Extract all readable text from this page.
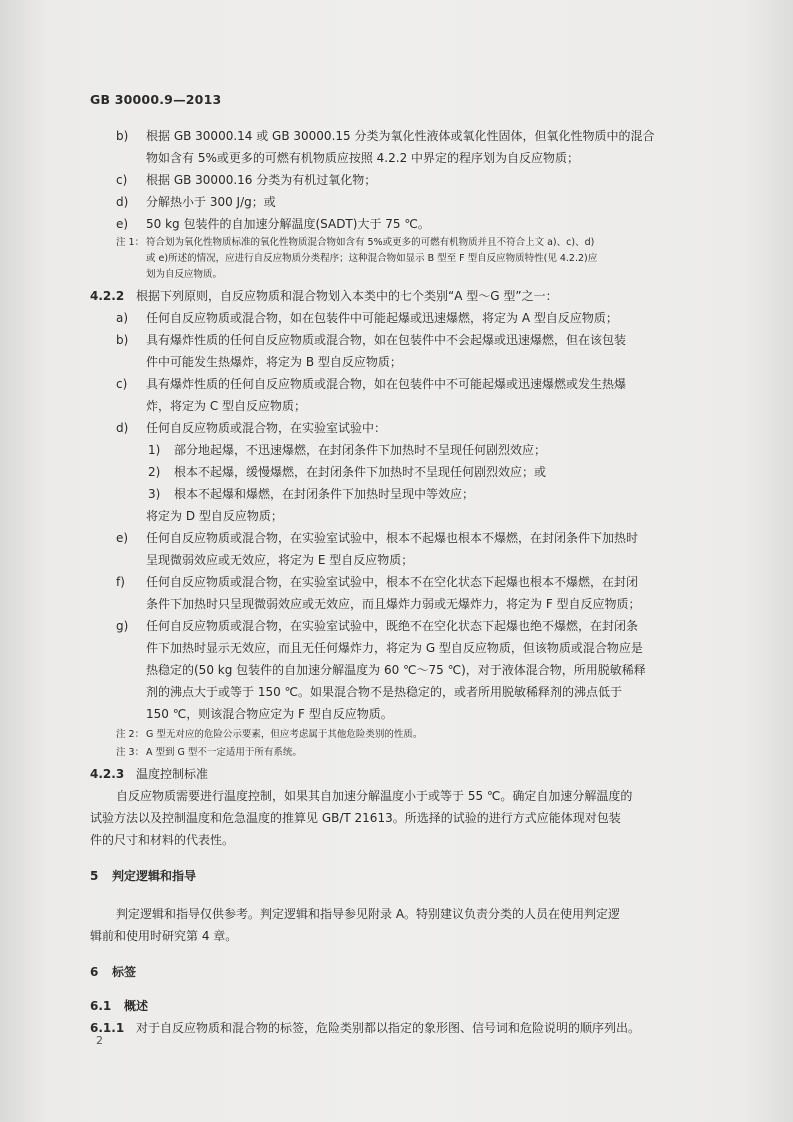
GB 30000.9—2013
b) 根据 GB 30000.14 或 GB 30000.15 分类为氧化性液体或氧化性固体，但氧化性物质中的混合
物如含有 5%或更多的可燃有机物质应按照 4.2.2 中界定的程序划为自反应物质；
c) 根据 GB 30000.16 分类为有机过氧化物；
d) 分解热小于 300 J/g；或
e) 50 kg 包装件的自加速分解温度(SADT)大于 75 ℃。
注 1： 符合划为氧化性物质标准的氧化性物质混合物如含有 5%或更多的可燃有机物质并且不符合上文 a)、c)、d)
或 e)所述的情况，应进行自反应物质分类程序；这种混合物如显示 B 型至 F 型自反应物质特性(见 4.2.2)应
划为自反应物质。
4.2.2 根据下列原则，自反应物质和混合物划入本类中的七个类别“A 型～G 型”之一：
a) 任何自反应物质或混合物，如在包装件中可能起爆或迅速爆燃，将定为 A 型自反应物质；
b) 具有爆炸性质的任何自反应物质或混合物，如在包装件中不会起爆或迅速爆燃，但在该包装
件中可能发生热爆炸，将定为 B 型自反应物质；
c) 具有爆炸性质的任何自反应物质或混合物，如在包装件中不可能起爆或迅速爆燃或发生热爆
炸，将定为 C 型自反应物质；
d) 任何自反应物质或混合物，在实验室试验中：
1) 部分地起爆，不迅速爆燃，在封闭条件下加热时不呈现任何剧烈效应；
2) 根本不起爆，缓慢爆燃，在封闭条件下加热时不呈现任何剧烈效应；或
3) 根本不起爆和爆燃，在封闭条件下加热时呈现中等效应；
将定为 D 型自反应物质；
e) 任何自反应物质或混合物，在实验室试验中，根本不起爆也根本不爆燃，在封闭条件下加热时
呈现微弱效应或无效应，将定为 E 型自反应物质；
f) 任何自反应物质或混合物，在实验室试验中，根本不在空化状态下起爆也根本不爆燃，在封闭
条件下加热时只呈现微弱效应或无效应，而且爆炸力弱或无爆炸力，将定为 F 型自反应物质；
g) 任何自反应物质或混合物，在实验室试验中，既绝不在空化状态下起爆也绝不爆燃，在封闭条
件下加热时显示无效应，而且无任何爆炸力，将定为 G 型自反应物质，但该物质或混合物应是
热稳定的(50 kg 包装件的自加速分解温度为 60 ℃～75 ℃)，对于液体混合物，所用脱敏稀释
剂的沸点大于或等于 150 ℃。如果混合物不是热稳定的，或者所用脱敏稀释剂的沸点低于
150 ℃，则该混合物应定为 F 型自反应物质。
注 2： G 型无对应的危险公示要素，但应考虑属于其他危险类别的性质。
注 3： A 型到 G 型不一定适用于所有系统。
4.2.3 温度控制标准
自反应物质需要进行温度控制，如果其自加速分解温度小于或等于 55 ℃。确定自加速分解温度的
试验方法以及控制温度和危急温度的推算见 GB/T 21613。所选择的试验的进行方式应能体现对包装
件的尺寸和材料的代表性。
5 判定逻辑和指导
判定逻辑和指导仅供参考。判定逻辑和指导参见附录 A。特别建议负责分类的人员在使用判定逻
辑前和使用时研究第 4 章。
6 标签
6.1 概述
6.1.1 对于自反应物质和混合物的标签，危险类别都以指定的象形图、信号词和危险说明的顺序列出。
2
